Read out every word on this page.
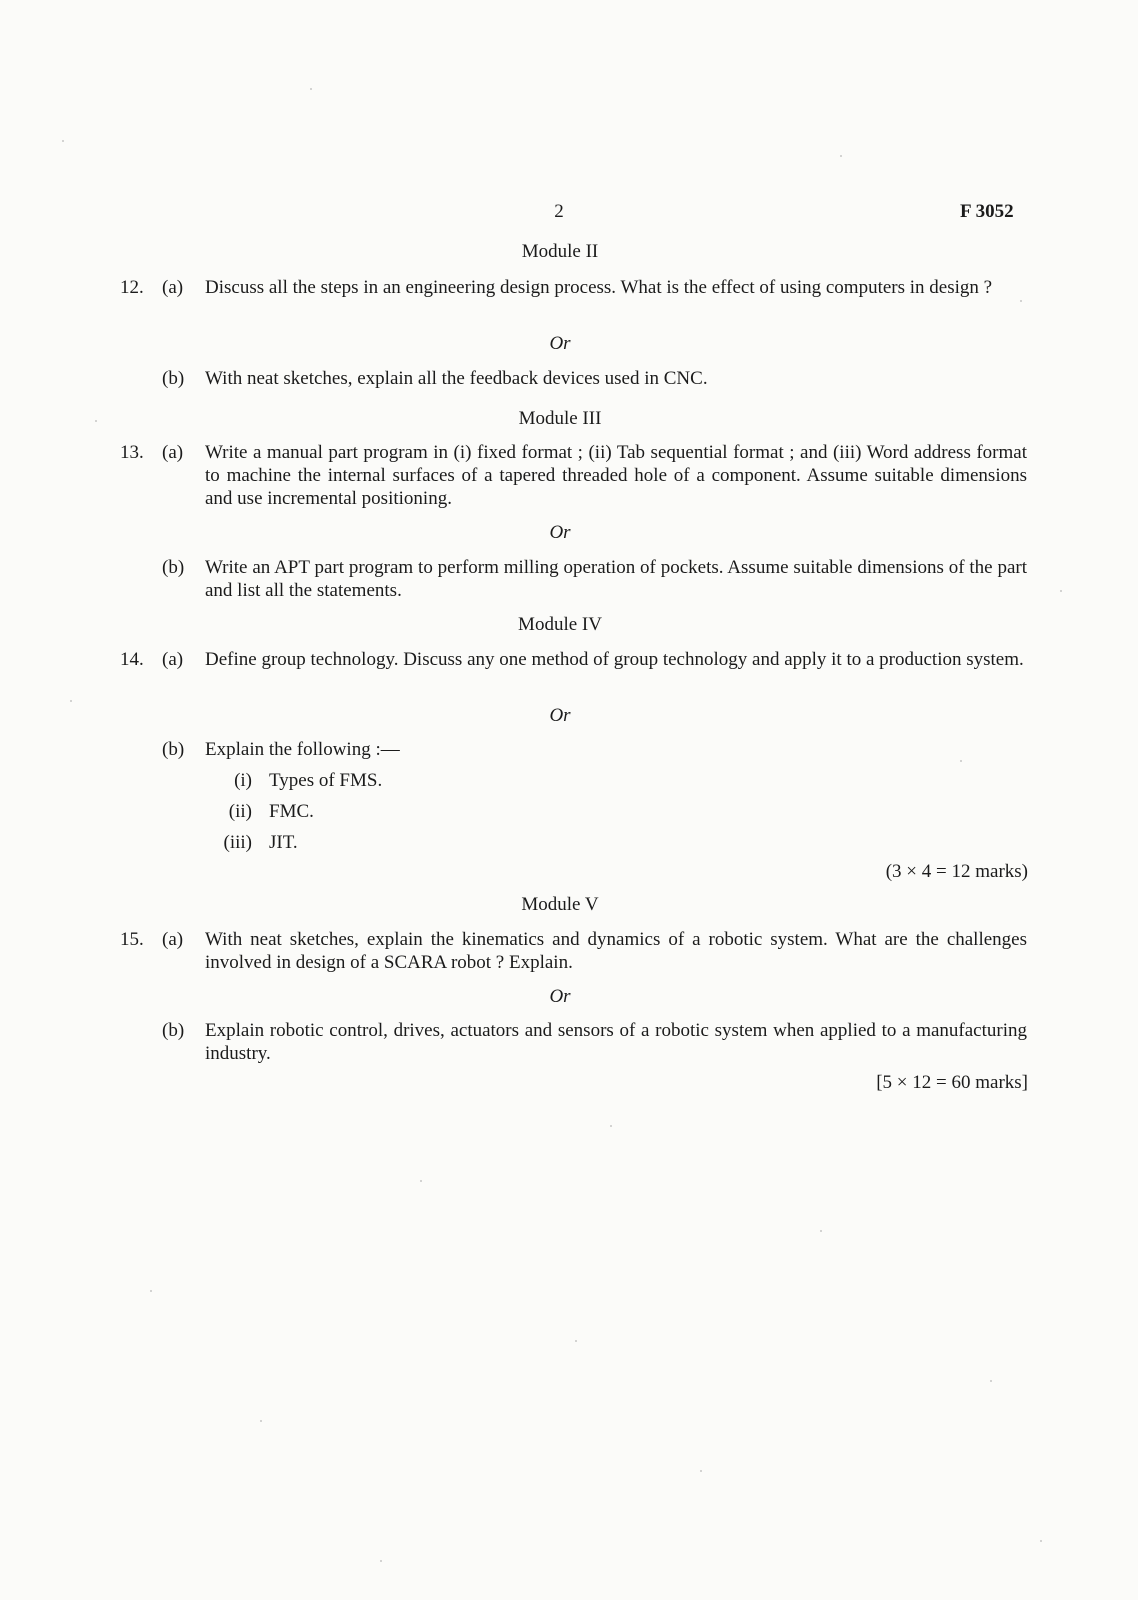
2	F 3052
Module II
12. (a)	Discuss all the steps in an engineering design process. What is the effect of using computers in design ?
Or
(b)	With neat sketches, explain all the feedback devices used in CNC.
Module III
13. (a)	Write a manual part program in (i) fixed format ; (ii) Tab sequential format ; and (iii) Word address format to machine the internal surfaces of a tapered threaded hole of a component. Assume suitable dimensions and use incremental positioning.
Or
(b)	Write an APT part program to perform milling operation of pockets. Assume suitable dimensions of the part and list all the statements.
Module IV
14. (a)	Define group technology. Discuss any one method of group technology and apply it to a production system.
Or
(b)	Explain the following :—
(i) Types of FMS.
(ii) FMC.
(iii) JIT.
(3 × 4 = 12 marks)
Module V
15. (a)	With neat sketches, explain the kinematics and dynamics of a robotic system. What are the challenges involved in design of a SCARA robot ? Explain.
Or
(b)	Explain robotic control, drives, actuators and sensors of a robotic system when applied to a manufacturing industry.
[5 × 12 = 60 marks]
